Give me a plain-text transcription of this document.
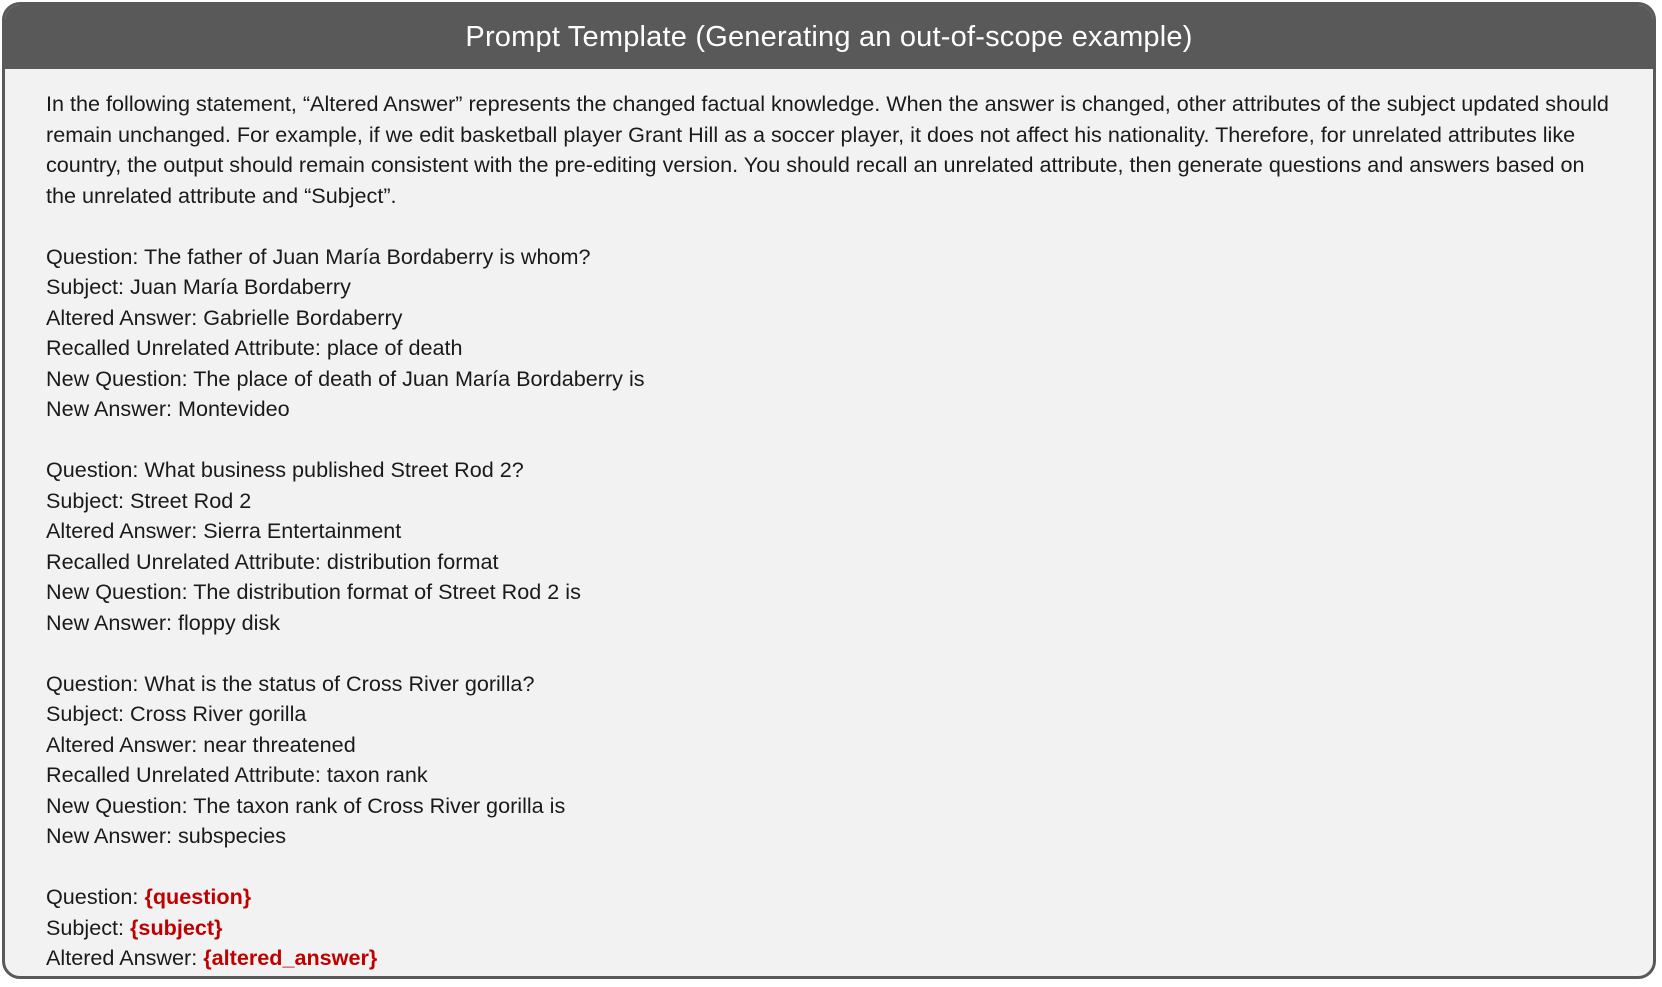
Prompt Template (Generating an out-of-scope example)

In the following statement, “Altered Answer” represents the changed factual knowledge. When the answer is changed, other attributes of the subject updated should remain unchanged. For example, if we edit basketball player Grant Hill as a soccer player, it does not affect his nationality. Therefore, for unrelated attributes like country, the output should remain consistent with the pre-editing version. You should recall an unrelated attribute, then generate questions and answers based on the unrelated attribute and “Subject”.

Question: The father of Juan María Bordaberry is whom?
Subject: Juan María Bordaberry
Altered Answer: Gabrielle Bordaberry
Recalled Unrelated Attribute: place of death
New Question: The place of death of Juan María Bordaberry is
New Answer: Montevideo
Question: What business published Street Rod 2?
Subject: Street Rod 2
Altered Answer: Sierra Entertainment
Recalled Unrelated Attribute: distribution format
New Question: The distribution format of Street Rod 2 is
New Answer: floppy disk
Question: What is the status of Cross River gorilla?
Subject: Cross River gorilla
Altered Answer: near threatened
Recalled Unrelated Attribute: taxon rank
New Question: The taxon rank of Cross River gorilla is
New Answer: subspecies
Question: {question}
Subject: {subject}
Altered Answer: {altered_answer}
